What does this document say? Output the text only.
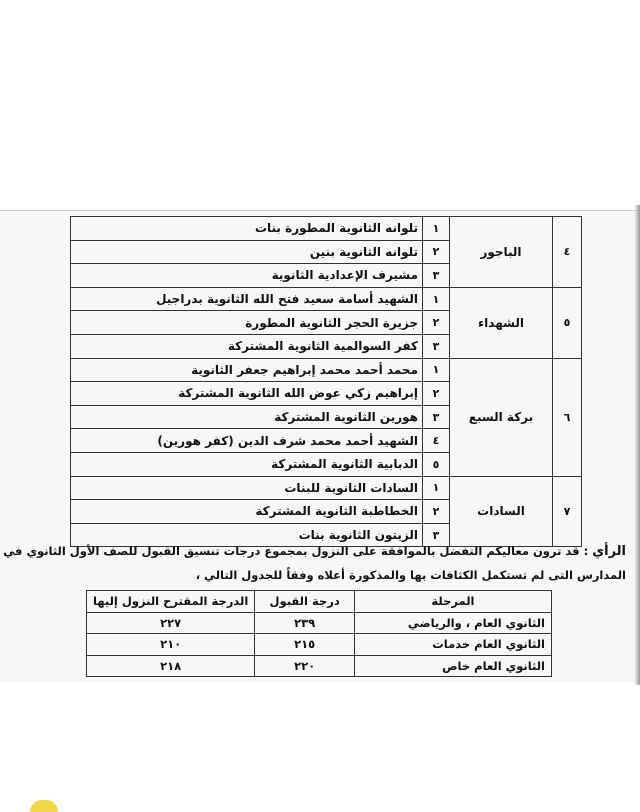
٤	الباجور	١	تلوانه الثانوية المطورة بنات
		٢	تلوانه الثانوية بنين
		٣	مشيرف الإعدادية الثانوية
٥	الشهداء	١	الشهيد أسامة سعيد فتح الله الثانوية بدراجيل
		٢	جزيرة الحجر الثانوية المطورة
		٣	كفر السوالمية الثانوية المشتركة
٦	بركة السبع	١	محمد أحمد محمد إبراهيم جعفر الثانوية
		٢	إبراهيم زكي عوض الله الثانوية المشتركة
		٣	هورين الثانوية المشتركة
		٤	الشهيد أحمد محمد شرف الدين (كفر هورين)
		٥	الدبابية الثانوية المشتركة
٧	السادات	١	السادات الثانوية للبنات
		٢	الخطاطبة الثانوية المشتركة
		٣	الزيتون الثانوية بنات
الرأي : قد ترون معاليكم التفضل بالموافقة على النزول بمجموع درجات تنسيق القبول للصف الأول الثانوي في
المدارس التى لم تستكمل الكثافات بها والمذكورة أعلاه وفقاً للجدول التالي ،
المرحلة	درجة القبول	الدرجة المقترح النزول إليها
الثانوي العام ، والرياضي	٢٣٩	٢٢٧
الثانوي العام خدمات	٢١٥	٢١٠
الثانوي العام خاص	٢٢٠	٢١٨
